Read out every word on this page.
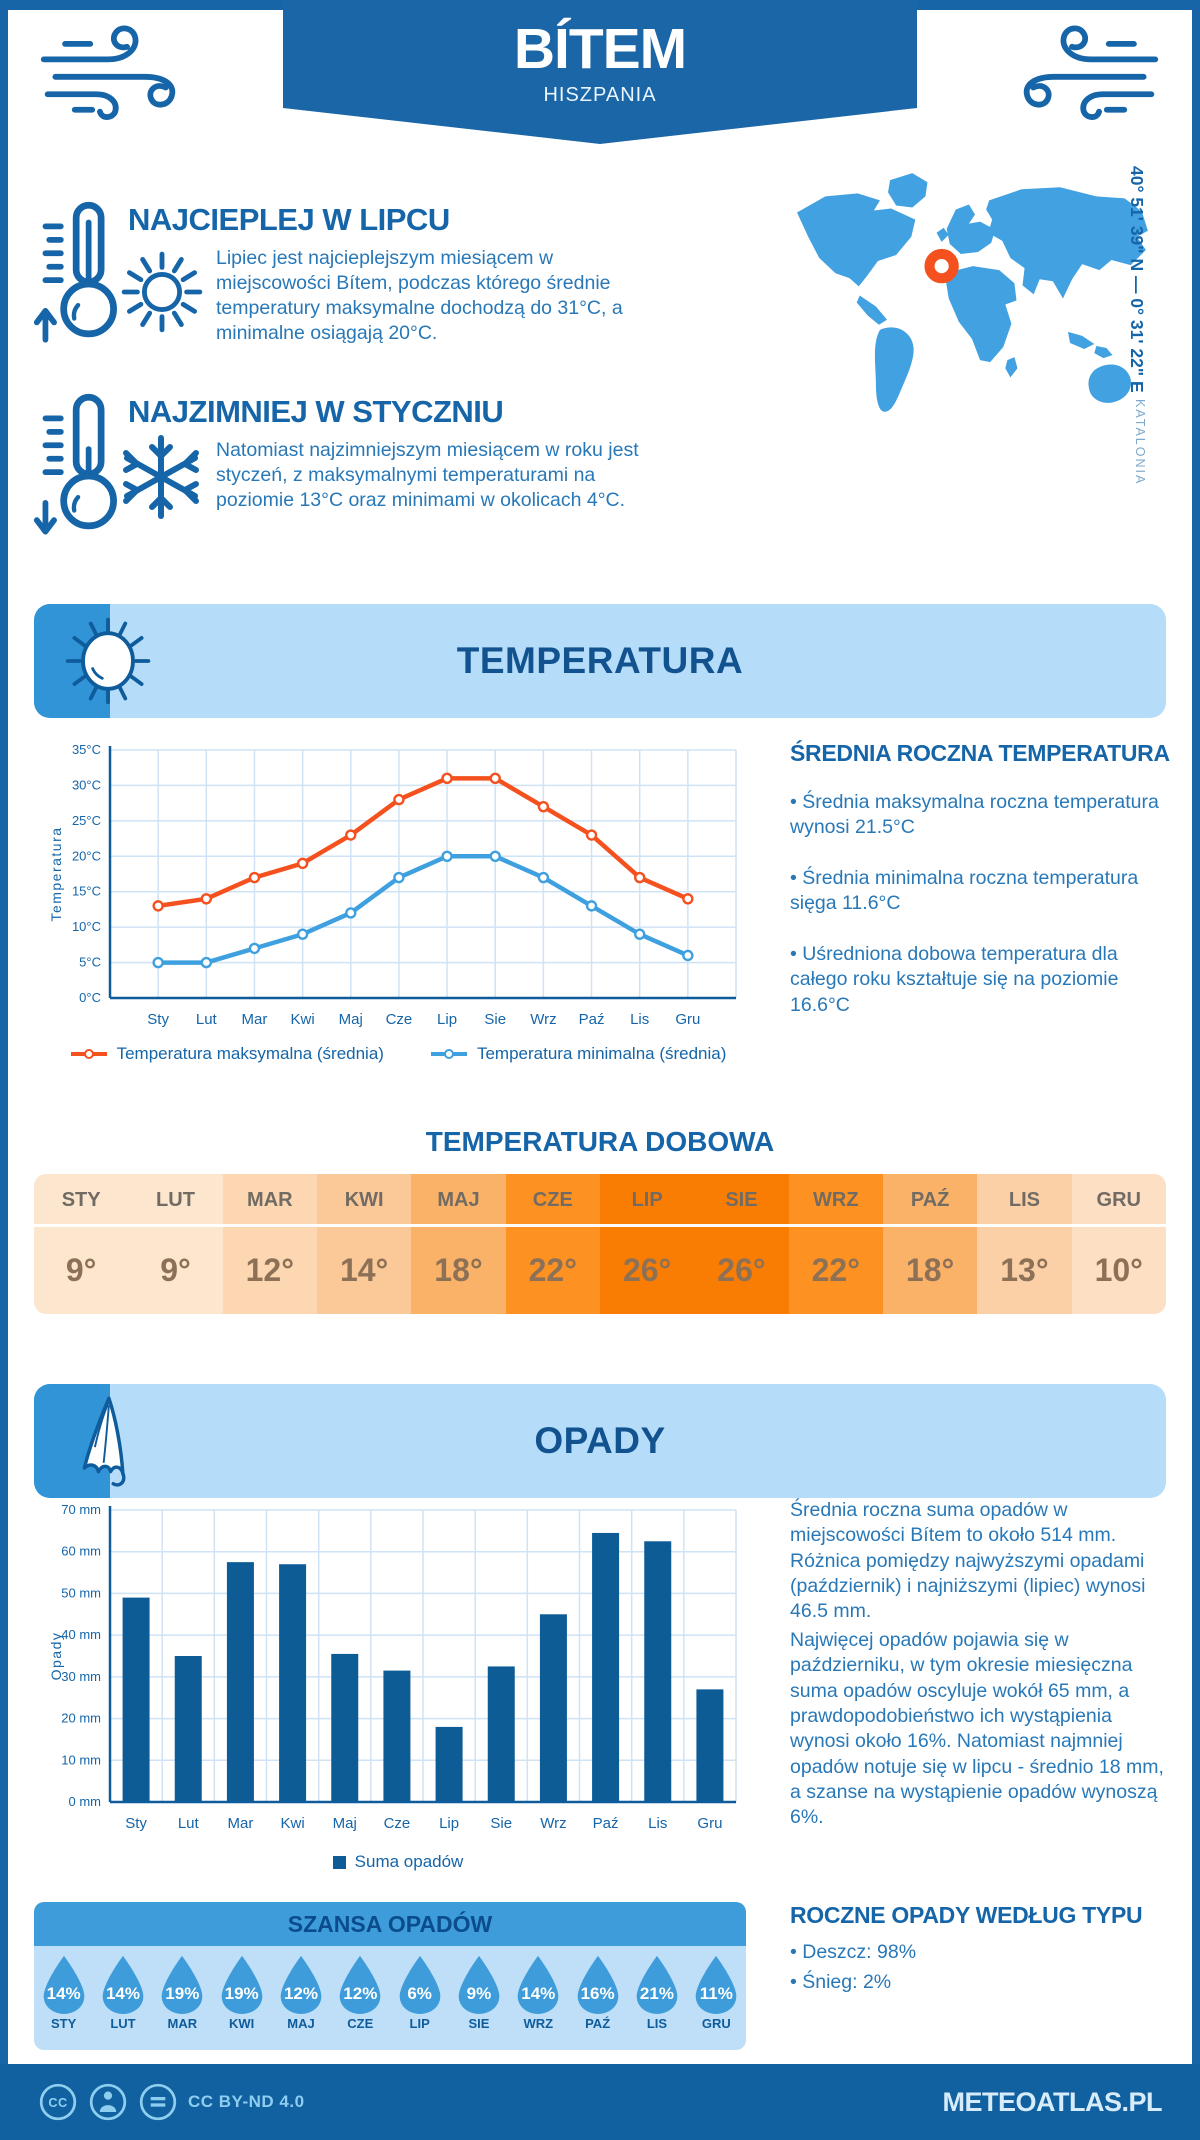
BÍTEM
HISZPANIA
NAJCIEPLEJ W LIPCU
Lipiec jest najcieplejszym miesiącem w miejscowości Bítem, podczas którego średnie temperatury maksymalne dochodzą do 31°C, a minimalne osiągają 20°C.
NAJZIMNIEJ W STYCZNIU
Natomiast najzimniejszym miesiącem w roku jest styczeń, z maksymalnymi temperaturami na poziomie 13°C oraz minimami w okolicach 4°C.
40° 51' 39" N — 0° 31' 22" E
KATALONIA
TEMPERATURA
0°C
5°C
10°C
15°C
20°C
25°C
30°C
35°C
Sty Lut Mar Kwi Maj Cze Lip Sie Wrz Paź Lis Gru
Temperatura
Temperatura maksymalna (średnia)	Temperatura minimalna (średnia)
ŚREDNIA ROCZNA TEMPERATURA
• Średnia maksymalna roczna temperatura wynosi 21.5°C
• Średnia minimalna roczna temperatura sięga 11.6°C
• Uśredniona dobowa temperatura dla całego roku kształtuje się na poziomie 16.6°C
TEMPERATURA DOBOWA
STY
9°
LUT
9°
MAR
12°
KWI
14°
MAJ
18°
CZE
22°
LIP
26°
SIE
26°
WRZ
22°
PAŹ
18°
LIS
13°
GRU
10°
OPADY
0 mm
10 mm
20 mm
30 mm
40 mm
50 mm
60 mm
70 mm
Sty Lut Mar Kwi Maj Cze Lip Sie Wrz Paź Lis Gru
Opady
Suma opadów
Średnia roczna suma opadów w miejscowości Bítem to około 514 mm. Różnica pomiędzy najwyższymi opadami (październik) i najniższymi (lipiec) wynosi 46.5 mm.
Najwięcej opadów pojawia się w październiku, w tym okresie miesięczna suma opadów oscyluje wokół 65 mm, a prawdopodobieństwo ich wystąpienia wynosi około 16%. Natomiast najmniej opadów notuje się w lipcu - średnio 18 mm, a szanse na wystąpienie opadów wynoszą 6%.
ROCZNE OPADY WEDŁUG TYPU
• Deszcz: 98%
• Śnieg: 2%
SZANSA OPADÓW
14%
STY
14%
LUT
19%
MAR
19%
KWI
12%
MAJ
12%
CZE
6%
LIP
9%
SIE
14%
WRZ
16%
PAŹ
21%
LIS
11%
GRU
CC	CC BY-ND 4.0	METEOATLAS.PL
